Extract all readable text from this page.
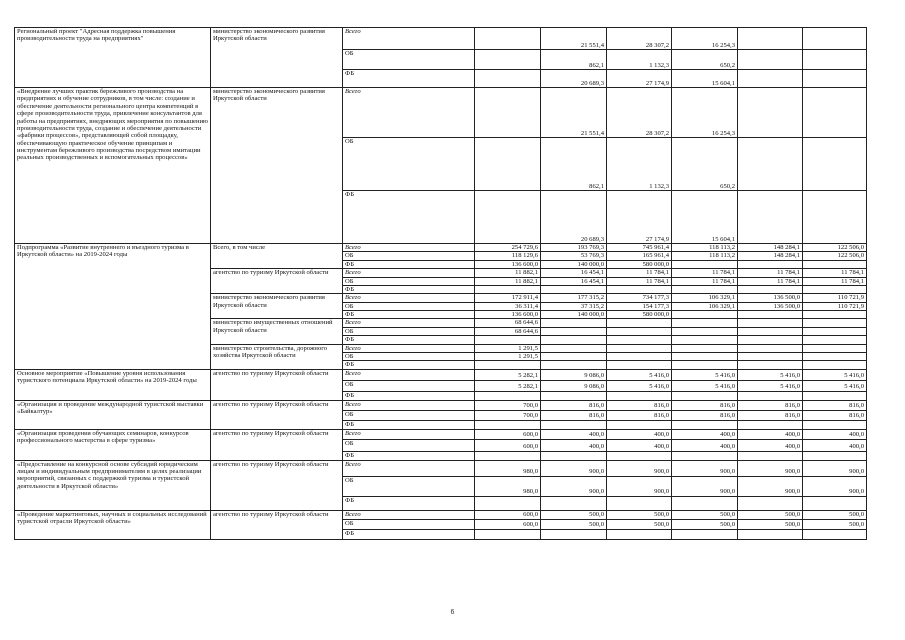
Региональный проект "Адресная поддержка повышения производительности труда на предприятиях"	министерство экономического развития Иркутской области	Всего		21 551,4	28 307,2	16 254,3			
		ОБ		862,1	1 132,3	650,2			
		ФБ		20 689,3	27 174,9	15 604,1			
«Внедрение лучших практик бережливого производства на предприятиях и обучение сотрудников, в том числе: создание и обеспечение деятельности регионального центра компетенций в сфере производительности труда, привлечение консультантов для работы на предприятиях, внедряющих мероприятия по повышению производительности труда, создание и обеспечение деятельности «фабрики процессов», представляющей собой площадку, обеспечивающую практическое обучение принципам и инструментам бережливого производства посредством имитации реальных производственных и вспомогательных процессов»	министерство экономического развития Иркутской области	Всего		21 551,4	28 307,2	16 254,3			
		ОБ		862,1	1 132,3	650,2			
		ФБ		20 689,3	27 174,9	15 604,1			
Подпрограмма «Развитие внутреннего и въездного туризма в Иркутской области» на 2019-2024 годы	Всего, в том числе	Всего	254 729,6	193 769,3	745 961,4	118 113,2	148 284,1	122 506,0	
		ОБ	118 129,6	53 769,3	165 961,4	118 113,2	148 284,1	122 506,0	
		ФБ	136 600,0	140 000,0	580 000,0				
	агентство по туризму Иркутской области	Всего	11 882,1	16 454,1	11 784,1	11 784,1	11 784,1	11 784,1	
		ОБ	11 882,1	16 454,1	11 784,1	11 784,1	11 784,1	11 784,1	
		ФБ							
	министерство экономического развития Иркутской области	Всего	172 911,4	177 315,2	734 177,3	106 329,1	136 500,0	110 721,9	
		ОБ	36 311,4	37 315,2	154 177,3	106 329,1	136 500,0	110 721,9	
		ФБ	136 600,0	140 000,0	580 000,0				
	министерство имущественных отношений Иркутской области	Всего	68 644,6						
		ОБ	68 644,6						
		ФБ							
	министерство строительства, дорожного хозяйства Иркутской области	Всего	1 291,5						
		ОБ	1 291,5						
		ФБ							
Основное мероприятие «Повышение уровня использования туристского потенциала Иркутской области» на 2019-2024 годы	агентство по туризму Иркутской области	Всего	5 282,1	9 086,0	5 416,0	5 416,0	5 416,0	5 416,0	
		ОБ	5 282,1	9 086,0	5 416,0	5 416,0	5 416,0	5 416,0	
		ФБ							
«Организация и проведение международной туристской выставки «Байкалтур»	агентство по туризму Иркутской области	Всего	700,0	816,0	816,0	816,0	816,0	816,0	
		ОБ	700,0	816,0	816,0	816,0	816,0	816,0	
		ФБ							
«Организация проведения обучающих семинаров, конкурсов профессионального мастерства в сфере туризма»	агентство по туризму Иркутской области	Всего	600,0	400,0	400,0	400,0	400,0	400,0	
		ОБ	600,0	400,0	400,0	400,0	400,0	400,0	
		ФБ							
«Предоставление на конкурсной основе субсидий юридическим лицам и индивидуальным предпринимателям в целях реализации мероприятий, связанных с поддержкой туризма и туристской деятельности в Иркутской области»	агентство по туризму Иркутской области	Всего	980,0	900,0	900,0	900,0	900,0	900,0	
		ОБ	980,0	900,0	900,0	900,0	900,0	900,0	
		ФБ							
«Проведение маркетинговых, научных и социальных исследований туристской отрасли Иркутской области»	агентство по туризму Иркутской области	Всего	600,0	500,0	500,0	500,0	500,0	500,0	
		ОБ	600,0	500,0	500,0	500,0	500,0	500,0	
		ФБ							
6
